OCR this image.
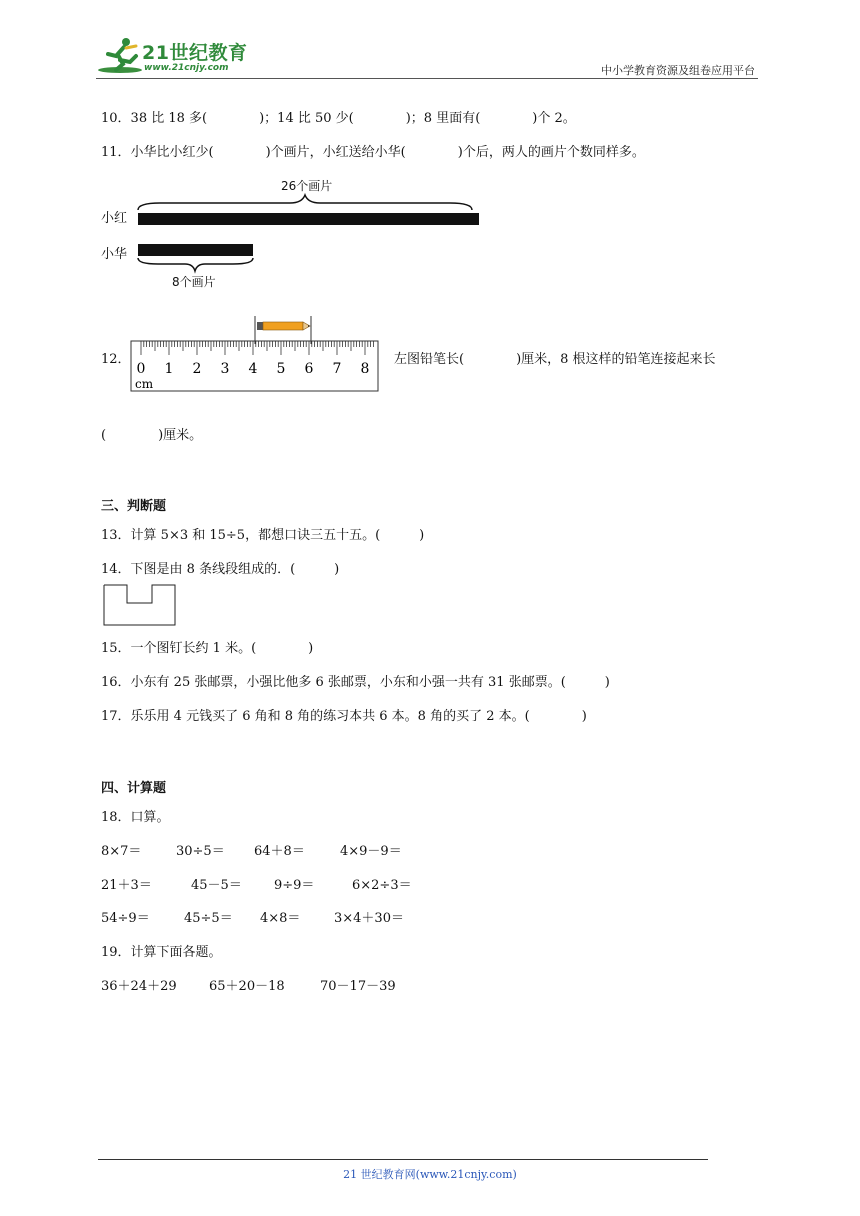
21世纪教育
www.21cnjy.com	中小学教育资源及组卷应用平台
10．38 比 18 多(　　　　)；14 比 50 少(　　　　)；8 里面有(　　　　)个 2。
11．小华比小红少(　　　　)个画片，小红送给小华(　　　　)个后，两人的画片个数同样多。
小红
小华
26个画片
8个画片
12．
0 1 2 3 4 5 6 7 8
cm
左图铅笔长(　　　　)厘米，8 根这样的铅笔连接起来长
(　　　　)厘米。
三、判断题
13．计算 5×3 和 15÷5，都想口诀三五十五。(　　　)
14．下图是由 8 条线段组成的．(　　　)
15．一个图钉长约 1 米。(　　　　)
16．小东有 25 张邮票，小强比他多 6 张邮票，小东和小强一共有 31 张邮票。(　　　)
17．乐乐用 4 元钱买了 6 角和 8 角的练习本共 6 本。8 角的买了 2 本。(　　　　)
四、计算题
18．口算。
8×7＝	30÷5＝ 64＋8＝	4×9－9＝
21＋3＝	45－5＝ 9÷9＝	6×2÷3＝
54÷9＝	45÷5＝ 4×8＝	3×4＋30＝
19．计算下面各题。
36＋24＋29 65＋20－18	70－17－39
21 世纪教育网(www.21cnjy.com)
